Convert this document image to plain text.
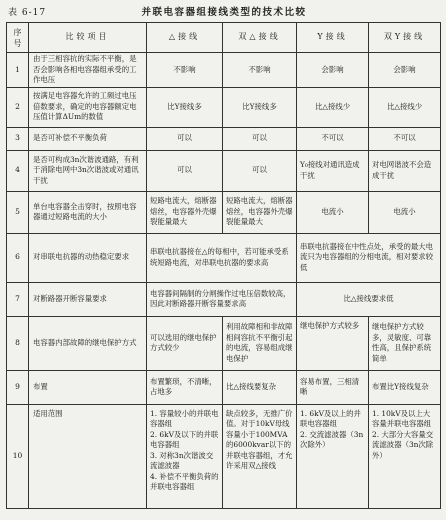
表 6-17	并联电容器组接线类型的技术比较
序号	比较项目	△接线	双△接线	Y接线	双Y接线
1	由于三相容抗的实际不平衡，是否会影响各相电容器组承受的工作电压	不影响	不影响	会影响	会影响
2	按满足电容器允许的工频过电压倍数要求，确定的电容器额定电压值计算ΔUm的数值	比Y接线多	比Y接线多	比△接线少	比△接线少
3	是否可补偿不平衡负荷	可以	可以	不可以	不可以
4	是否可构成3n次谐波通路，有利于消除电网中3n次谐波或对通讯干扰	可以	可以	Y₀接线对通讯造成干扰	对电网谐波不会造成干扰
5	单台电容器全击穿时，按照电容器通过短路电流的大小	短路电流大，熔断器熔丝，电容器外壳爆裂能量最大	短路电流大，熔断器熔丝，电容器外壳爆裂能量最大	电流小	电流小
6	对串联电抗器的动热稳定要求	串联电抗器接在△的每相中，若可能承受系统短路电流，对串联电抗器的要求高		串联电抗器接在中性点处，承受的最大电流只为电容器组的分相电流，相对要求较低	
7	对断路器开断容量要求	电容器间隔制的分闸操作过电压倍数较高，因此对断路器开断容量要求高		比△接线要求低	
8	电容器内部故障的继电保护方式	可以选用的继电保护方式较少	利用故障相和非故障相间容抗不平衡引起的电流，容易组成继电保护	继电保护方式较多	继电保护方式较多，灵敏度、可靠性高，且保护系统简单
9	布置	布置繁琐，不清晰，占地多	比△接线要复杂	容易布置，三相清晰	布置比Y接线复杂
10	适用范围	1. 容量较小的并联电容器组
2. 6kV及以下的并联电容器组
3. 对称3n次谐波交流滤波器
4. 补偿不平衡负荷的并联电容器组	缺点较多，无推广价值。对于10kV母线容量小于100MVA的6000kvar以下的并联电容器组，才允许采用双△接线	1. 6kV及以上的并联电容器组
2. 交流滤波器（3n次除外）	1. 10kV及以上大容量并联电容器组
2. 大部分大容量交流滤波器（3n次除外）
